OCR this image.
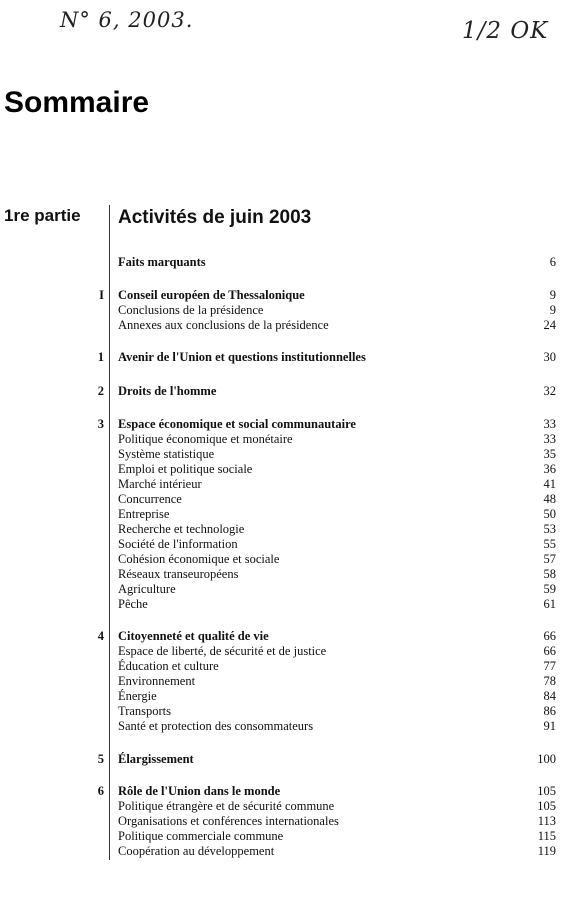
N° 6, 2003.	1/2 OK
Sommaire
1re partie Activités de juin 2003
Faits marquants	6
I Conseil européen de Thessalonique	9
Conclusions de la présidence	9
Annexes aux conclusions de la présidence	24
1 Avenir de l'Union et questions institutionnelles	30
2 Droits de l'homme	32
3 Espace économique et social communautaire	33
Politique économique et monétaire	33
Système statistique	35
Emploi et politique sociale	36
Marché intérieur	41
Concurrence	48
Entreprise	50
Recherche et technologie	53
Société de l'information	55
Cohésion économique et sociale	57
Réseaux transeuropéens	58
Agriculture	59
Pêche	61
4 Citoyenneté et qualité de vie	66
Espace de liberté, de sécurité et de justice	66
Éducation et culture	77
Environnement	78
Énergie	84
Transports	86
Santé et protection des consommateurs	91
5 Élargissement	100
6 Rôle de l'Union dans le monde	105
Politique étrangère et de sécurité commune	105
Organisations et conférences internationales	113
Politique commerciale commune	115
Coopération au développement	119
